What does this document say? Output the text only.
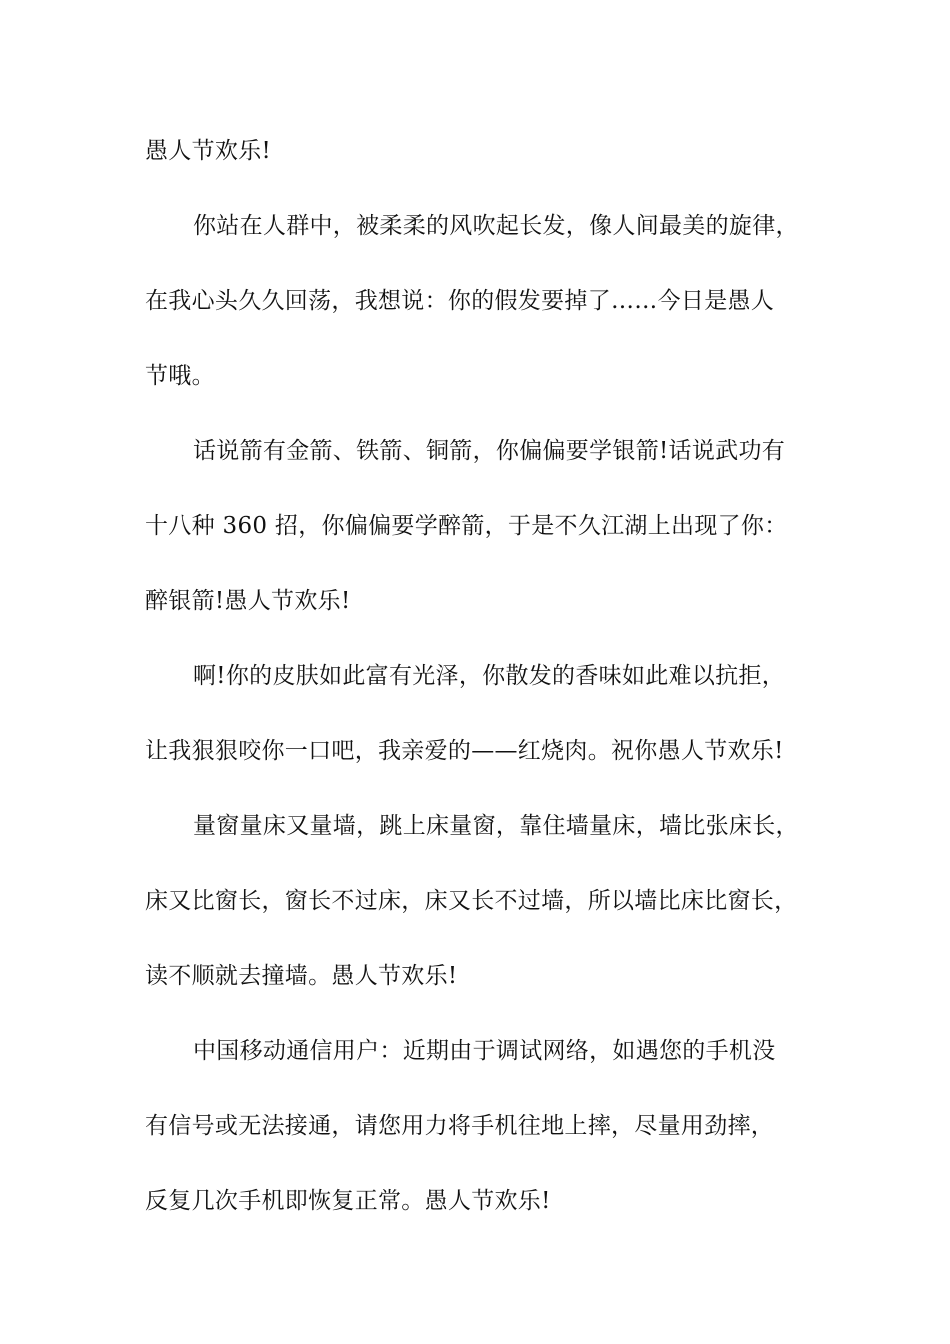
愚人节欢乐!
你站在人群中，被柔柔的风吹起长发，像人间最美的旋律，
在我心头久久回荡，我想说：你的假发要掉了……今日是愚人
节哦。
话说箭有金箭、铁箭、铜箭，你偏偏要学银箭!话说武功有
十八种 360 招，你偏偏要学醉箭，于是不久江湖上出现了你：
醉银箭!愚人节欢乐!
啊!你的皮肤如此富有光泽，你散发的香味如此难以抗拒，
让我狠狠咬你一口吧，我亲爱的——红烧肉。祝你愚人节欢乐!
量窗量床又量墙，跳上床量窗，靠住墙量床，墙比张床长，
床又比窗长，窗长不过床，床又长不过墙，所以墙比床比窗长，
读不顺就去撞墙。愚人节欢乐!
中国移动通信用户：近期由于调试网络，如遇您的手机没
有信号或无法接通，请您用力将手机往地上摔，尽量用劲摔，
反复几次手机即恢复正常。愚人节欢乐!
